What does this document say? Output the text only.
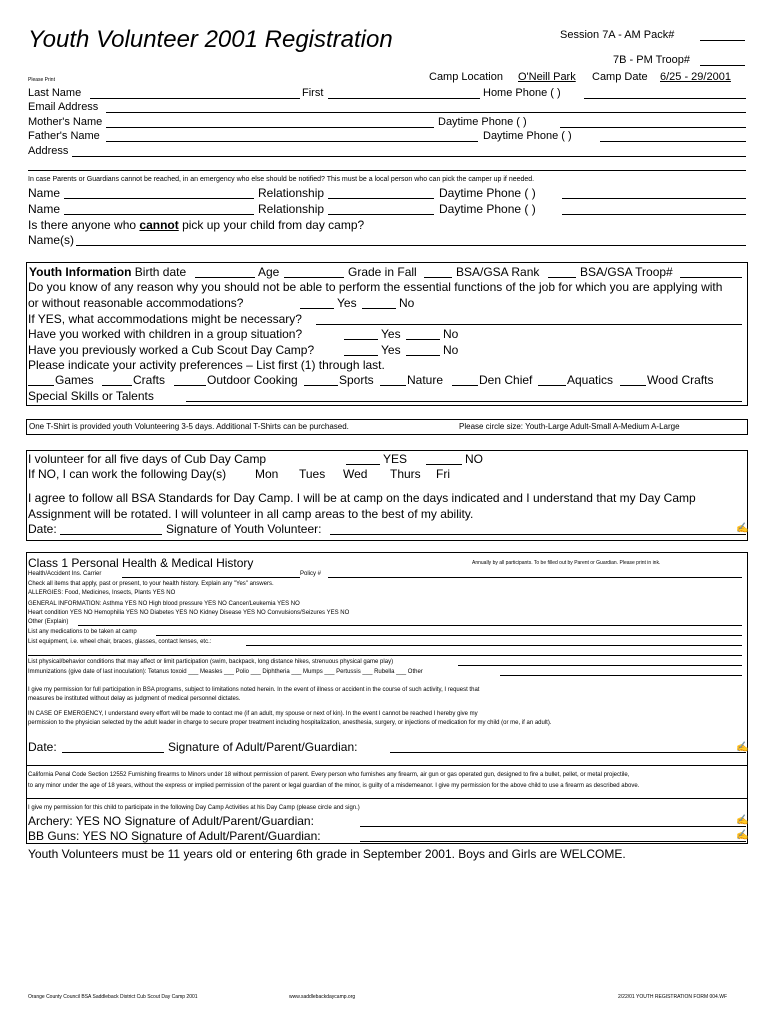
Youth Volunteer 2001 Registration	Session 7A - AM Pack#
7B - PM Troop#
Please Print	Camp Location O'Neill Park Camp Date 6/25 - 29/2001
Last Name	First	Home Phone ( )
Email Address
Mother's Name	Daytime Phone ( )
Father's Name	Daytime Phone ( )
Address
In case Parents or Guardians cannot be reached, in an emergency who else should be notified? This must be a local person who can pick the camper up if needed.
Name	Relationship	Daytime Phone ( )
Name	Relationship	Daytime Phone ( )
Is there anyone who cannot pick up your child from day camp?
Name(s)
Youth Information Birth date	Age	Grade in Fall	BSA/GSA Rank	BSA/GSA Troop#
Do you know of any reason why you should not be able to perform the essential functions of the job for which you are applying with
or without reasonable accommodations?	Yes	No
If YES, what accommodations might be necessary?
Have you worked with children in a group situation?	Yes	No
Have you previously worked a Cub Scout Day Camp?	Yes	No
Please indicate your activity preferences – List first (1) through last.
Games	Crafts	Outdoor Cooking	Sports	Nature	Den Chief	Aquatics	Wood Crafts
Special Skills or Talents
One T-Shirt is provided youth Volunteering 3-5 days. Additional T-Shirts can be purchased.	Please circle size: Youth-Large Adult-Small A-Medium A-Large
I volunteer for all five days of Cub Day Camp	YES	NO
If NO, I can work the following Day(s) Mon Tues Wed Thurs Fri
I agree to follow all BSA Standards for Day Camp. I will be at camp on the days indicated and I understand that my Day Camp
Assignment will be rotated. I will volunteer in all camp areas to the best of my ability.
Date:	Signature of Youth Volunteer:	✍
Class 1 Personal Health & Medical History	Annually by all participants. To be filled out by Parent or Guardian. Please print in ink.
Health/Accident Ins. Carrier	Policy #
Check all items that apply, past or present, to your health history. Explain any "Yes" answers.
ALLERGIES: Food, Medicines, Insects, Plants YES NO
GENERAL INFORMATION: Asthma YES NO High blood pressure YES NO Cancer/Leukemia YES NO
Heart condition YES NO Hemophilia YES NO Diabetes YES NO Kidney Disease YES NO Convulsions/Seizures YES NO
Other (Explain)
List any medications to be taken at camp
List equipment, i.e. wheel chair, braces, glasses, contact lenses, etc.:
List physical/behavior conditions that may affect or limit participation (swim, backpack, long distance hikes, strenuous physical game play)
Immunizations (give date of last inoculation): Tetanus toxoid ___ Measles ___ Polio ___ Diphtheria ___ Mumps ___ Pertussis ___ Rubella ___ Other
I give my permission for full participation in BSA programs, subject to limitations noted herein. In the event of illness or accident in the course of such activity, I request that
measures be instituted without delay as judgment of medical personnel dictates.
IN CASE OF EMERGENCY, I understand every effort will be made to contact me (if an adult, my spouse or next of kin). In the event I cannot be reached I hereby give my
permission to the physician selected by the adult leader in charge to secure proper treatment including hospitalization, anesthesia, surgery, or injections of medication for my child (or me, if an adult).
Date:	Signature of Adult/Parent/Guardian:	✍
California Penal Code Section 12552 Furnishing firearms to Minors under 18 without permission of parent. Every person who furnishes any firearm, air gun or gas operated gun, designed to fire a bullet, pellet, or metal projectile,
to any minor under the age of 18 years, without the express or implied permission of the parent or legal guardian of the minor, is guilty of a misdemeanor. I give my permission for the above child to use a firearm as described above.
I give my permission for this child to participate in the following Day Camp Activities at his Day Camp (please circle and sign.)
Archery: YES NO Signature of Adult/Parent/Guardian:	✍
BB Guns: YES NO Signature of Adult/Parent/Guardian:	✍
Youth Volunteers must be 11 years old or entering 6th grade in September 2001. Boys and Girls are WELCOME.
Orange County Council BSA Saddleback District Cub Scout Day Camp 2001	www.saddlebackdaycamp.org	2/22/01 YOUTH REGISTRATION FORM 004.WF
